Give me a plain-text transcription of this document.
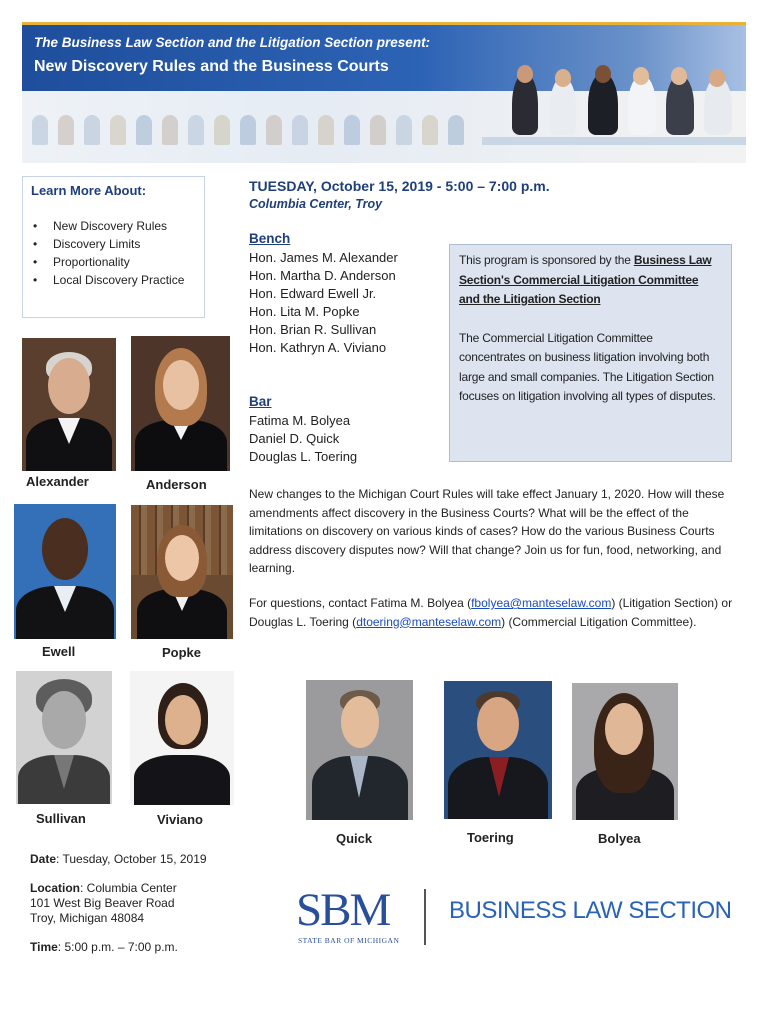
The Business Law Section and the Litigation Section present:
New Discovery Rules and the Business Courts
Learn More About:
• New Discovery Rules
• Discovery Limits
• Proportionality
• Local Discovery Practice
TUESDAY, October 15, 2019 - 5:00 – 7:00 p.m.
Columbia Center, Troy
Bench
Hon. James M. Alexander
Hon. Martha D. Anderson
Hon. Edward Ewell Jr.
Hon. Lita M. Popke
Hon. Brian R. Sullivan
Hon. Kathryn A. Viviano
Bar
Fatima M. Bolyea
Daniel D. Quick
Douglas L. Toering

This program is sponsored by the Business Law Section's Commercial Litigation Committee and the Litigation Section

The Commercial Litigation Committee concentrates on business litigation involving both large and small companies. The Litigation Section focuses on litigation involving all types of disputes.

New changes to the Michigan Court Rules will take effect January 1, 2020. How will these amendments affect discovery in the Business Courts? What will be the effect of the limitations on discovery on various kinds of cases? How do the various Business Courts address discovery disputes now? Will that change? Join us for fun, food, networking, and learning.
For questions, contact Fatima M. Bolyea (fbolyea@manteselaw.com) (Litigation Section) or Douglas L. Toering (dtoering@manteselaw.com) (Commercial Litigation Committee).
Alexander	Anderson
Ewell	Popke
Sullivan	Viviano
Quick	Toering	Bolyea
Date: Tuesday, October 15, 2019
Location: Columbia Center
101 West Big Beaver Road
Troy, Michigan 48084
Time: 5:00 p.m. – 7:00 p.m.
SBM
STATE BAR OF MICHIGAN
BUSINESS LAW SECTION
